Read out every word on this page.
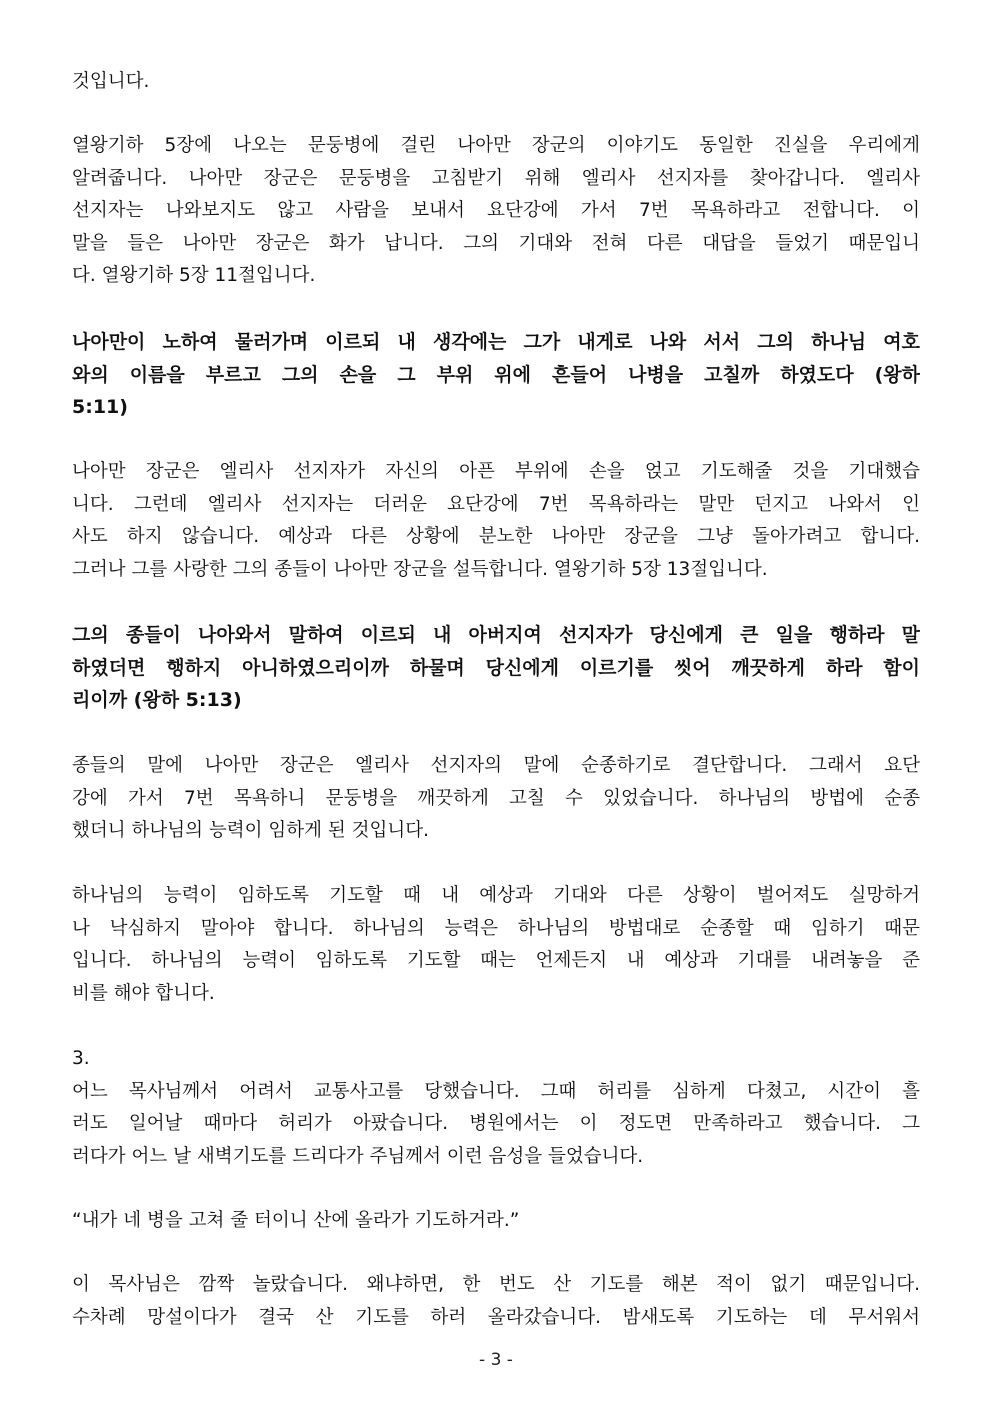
것입니다.
열왕기하 5장에 나오는 문둥병에 걸린 나아만 장군의 이야기도 동일한 진실을 우리에게
알려줍니다. 나아만 장군은 문둥병을 고침받기 위해 엘리사 선지자를 찾아갑니다. 엘리사
선지자는 나와보지도 않고 사람을 보내서 요단강에 가서 7번 목욕하라고 전합니다. 이
말을 들은 나아만 장군은 화가 납니다. 그의 기대와 전혀 다른 대답을 들었기 때문입니
다. 열왕기하 5장 11절입니다.
나아만이 노하여 물러가며 이르되 내 생각에는 그가 내게로 나와 서서 그의 하나님 여호
와의 이름을 부르고 그의 손을 그 부위 위에 흔들어 나병을 고칠까 하였도다 (왕하
5:11)
나아만 장군은 엘리사 선지자가 자신의 아픈 부위에 손을 얹고 기도해줄 것을 기대했습
니다. 그런데 엘리사 선지자는 더러운 요단강에 7번 목욕하라는 말만 던지고 나와서 인
사도 하지 않습니다. 예상과 다른 상황에 분노한 나아만 장군을 그냥 돌아가려고 합니다.
그러나 그를 사랑한 그의 종들이 나아만 장군을 설득합니다. 열왕기하 5장 13절입니다.
그의 종들이 나아와서 말하여 이르되 내 아버지여 선지자가 당신에게 큰 일을 행하라 말
하였더면 행하지 아니하였으리이까 하물며 당신에게 이르기를 씻어 깨끗하게 하라 함이
리이까 (왕하 5:13)
종들의 말에 나아만 장군은 엘리사 선지자의 말에 순종하기로 결단합니다. 그래서 요단
강에 가서 7번 목욕하니 문둥병을 깨끗하게 고칠 수 있었습니다. 하나님의 방법에 순종
했더니 하나님의 능력이 임하게 된 것입니다.
하나님의 능력이 임하도록 기도할 때 내 예상과 기대와 다른 상황이 벌어져도 실망하거
나 낙심하지 말아야 합니다. 하나님의 능력은 하나님의 방법대로 순종할 때 임하기 때문
입니다. 하나님의 능력이 임하도록 기도할 때는 언제든지 내 예상과 기대를 내려놓을 준
비를 해야 합니다.
3.
어느 목사님께서 어려서 교통사고를 당했습니다. 그때 허리를 심하게 다쳤고, 시간이 흘
러도 일어날 때마다 허리가 아팠습니다. 병원에서는 이 정도면 만족하라고 했습니다. 그
러다가 어느 날 새벽기도를 드리다가 주님께서 이런 음성을 들었습니다.
“내가 네 병을 고쳐 줄 터이니 산에 올라가 기도하거라.”
이 목사님은 깜짝 놀랐습니다. 왜냐하면, 한 번도 산 기도를 해본 적이 없기 때문입니다.
수차례 망설이다가 결국 산 기도를 하러 올라갔습니다. 밤새도록 기도하는 데 무서워서
- 3 -
